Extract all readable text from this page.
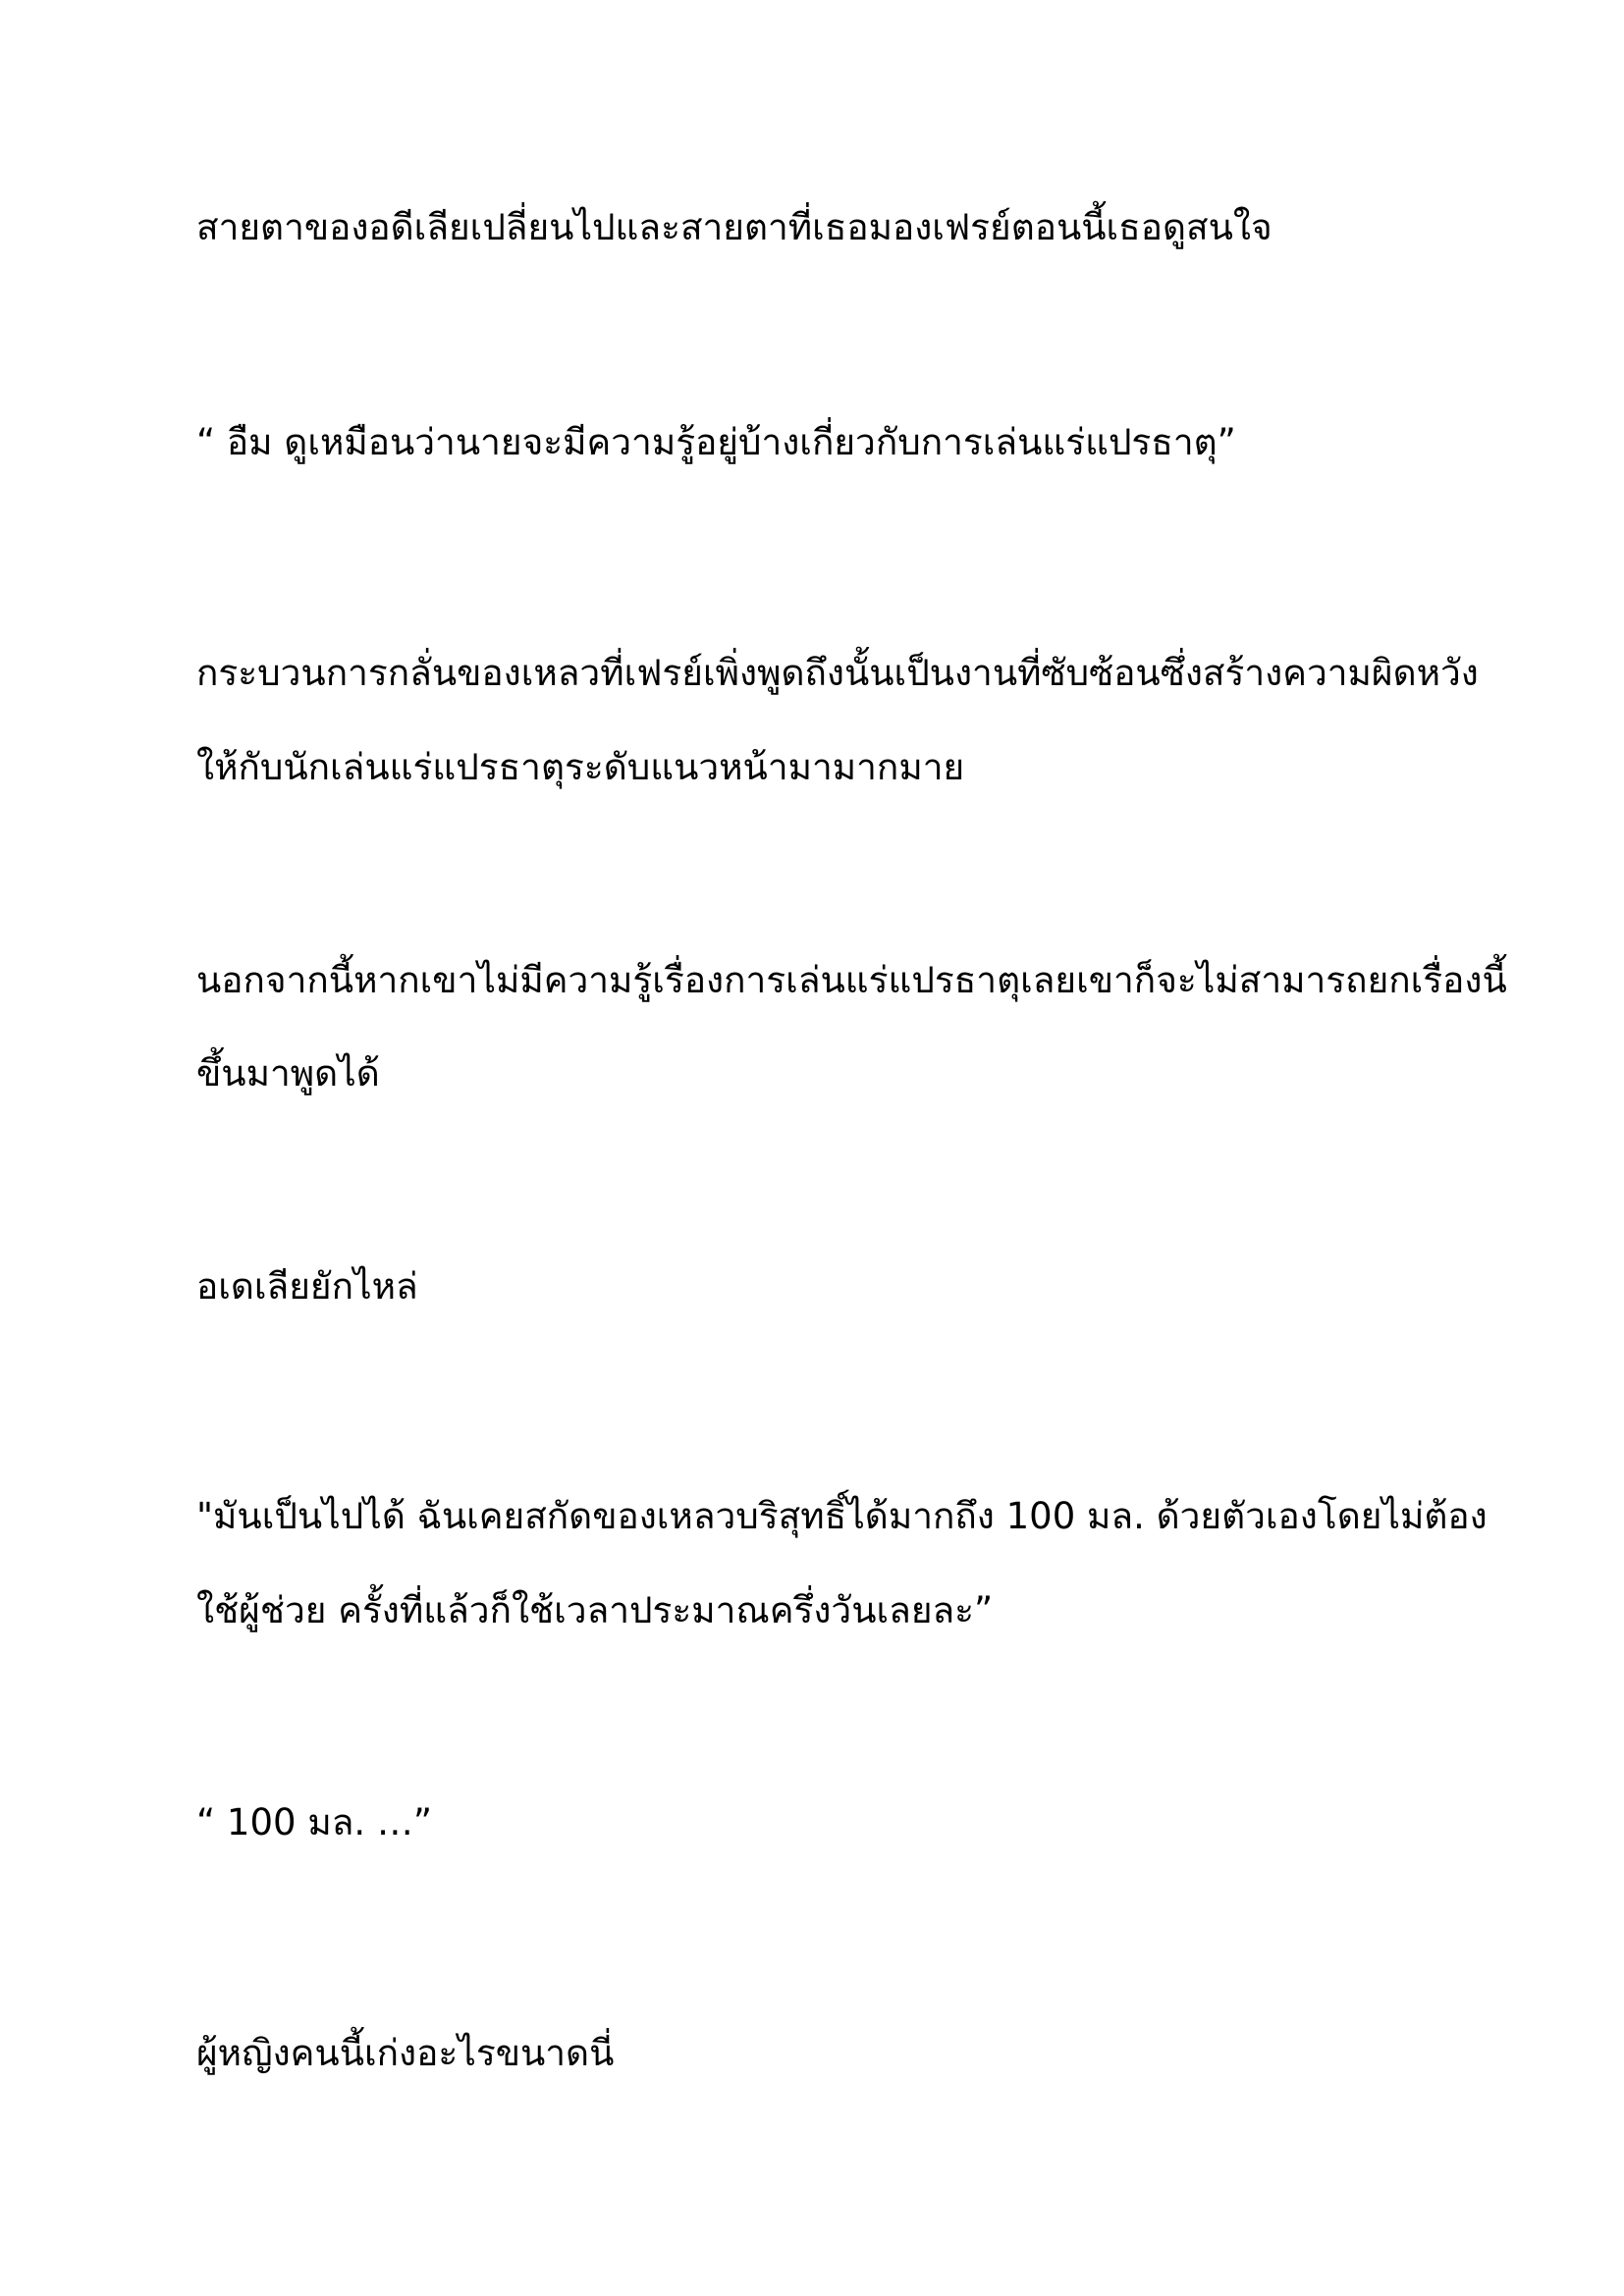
สายตาของอดีเลียเปลี่ยนไปและสายตาที่เธอมองเฟรย์ตอนนี้เธอดูสนใจ
“ อืม ดูเหมือนว่านายจะมีความรู้อยู่บ้างเกี่ยวกับการเล่นแร่แปรธาตุ”
กระบวนการกลั่นของเหลวที่เฟรย์เพิ่งพูดถึงนั้นเป็นงานที่ซับซ้อนซึ่งสร้างความผิดหวัง
ให้กับนักเล่นแร่แปรธาตุระดับแนวหน้ามามากมาย
นอกจากนี้หากเขาไม่มีความรู้เรื่องการเล่นแร่แปรธาตุเลยเขาก็จะไม่สามารถยกเรื่องนี้
ขึ้นมาพูดได้
อเดเลียยักไหล่
"มันเป็นไปได้ ฉันเคยสกัดของเหลวบริสุทธิ์ได้มากถึง 100 มล. ด้วยตัวเองโดยไม่ต้อง
ใช้ผู้ช่วย ครั้งที่แล้วก็ใช้เวลาประมาณครึ่งวันเลยละ”
“ 100 มล. …”
ผู้หญิงคนนี้เก่งอะไรขนาดนี่
